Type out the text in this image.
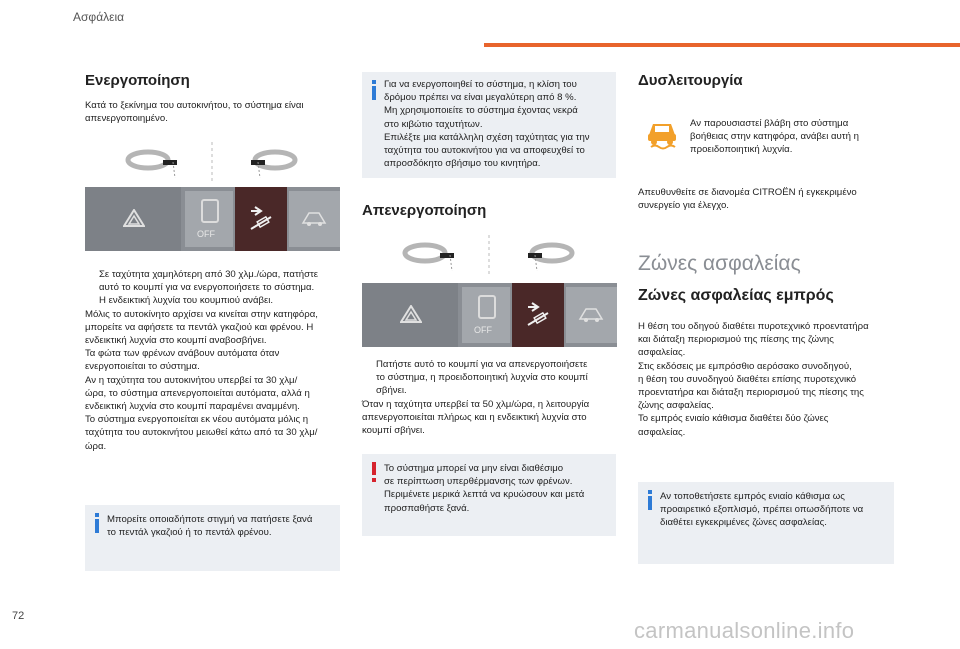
Ασφάλεια
Ενεργοποίηση

Κατά το ξεκίνημα του αυτοκινήτου, το σύστημα είναι

απενεργοποιημένο.

OFF

Σε ταχύτητα χαμηλότερη από 30 χλμ./ώρα, πατήστε

αυτό το κουμπί για να ενεργοποιήσετε το σύστημα.

Η ενδεικτική λυχνία του κουμπιού ανάβει.

Μόλις το αυτοκίνητο αρχίσει να κινείται στην κατηφόρα,

μπορείτε να αφήσετε τα πεντάλ γκαζιού και φρένου. Η

ενδεικτική λυχνία στο κουμπί αναβοσβήνει.

Τα φώτα των φρένων ανάβουν αυτόματα όταν

ενεργοποιείται το σύστημα.

Αν η ταχύτητα του αυτοκινήτου υπερβεί τα 30 χλμ/

ώρα, το σύστημα απενεργοποιείται αυτόματα, αλλά η

ενδεικτική λυχνία στο κουμπί παραμένει αναμμένη.

Το σύστημα ενεργοποιείται εκ νέου αυτόματα μόλις η

ταχύτητα του αυτοκινήτου μειωθεί κάτω από τα 30 χλμ/

ώρα.

Μπορείτε οποιαδήποτε στιγμή να πατήσετε ξανά
το πεντάλ γκαζιού ή το πεντάλ φρένου.
Για να ενεργοποιηθεί το σύστημα, η κλίση του
δρόμου πρέπει να είναι μεγαλύτερη από 8 %.
Μη χρησιμοποιείτε το σύστημα έχοντας νεκρά
στο κιβώτιο ταχυτήτων.
Επιλέξτε μια κατάλληλη σχέση ταχύτητας για την
ταχύτητα του αυτοκινήτου για να αποφευχθεί το
απροσδόκητο σβήσιμο του κινητήρα.
Απενεργοποίηση
OFF

Πατήστε αυτό το κουμπί για να απενεργοποιήσετε

το σύστημα, η προειδοποιητική λυχνία στο κουμπί

σβήνει.

Όταν η ταχύτητα υπερβεί τα 50 χλμ/ώρα, η λειτουργία

απενεργοποιείται πλήρως και η ενδεικτική λυχνία στο

κουμπί σβήνει.

Το σύστημα μπορεί να μην είναι διαθέσιμο
σε περίπτωση υπερθέρμανσης των φρένων.
Περιμένετε μερικά λεπτά να κρυώσουν και μετά
προσπαθήστε ξανά.
Δυσλειτουργία

Αν παρουσιαστεί βλάβη στο σύστημα

βοήθειας στην κατηφόρα, ανάβει αυτή η

προειδοποιητική λυχνία.

Απευθυνθείτε σε διανομέα CITROËN ή εγκεκριμένο

συνεργείο για έλεγχο.

Ζώνες ασφαλείας
Ζώνες ασφαλείας εμπρός

Η θέση του οδηγού διαθέτει πυροτεχνικό προεντατήρα

και διάταξη περιορισμού της πίεσης της ζώνης

ασφαλείας.

Στις εκδόσεις με εμπρόσθιο αερόσακο συνοδηγού,

η θέση του συνοδηγού διαθέτει επίσης πυροτεχνικό

προεντατήρα και διάταξη περιορισμού της πίεσης της

ζώνης ασφαλείας.

Το εμπρός ενιαίο κάθισμα διαθέτει δύο ζώνες

ασφαλείας.

Αν τοποθετήσετε εμπρός ενιαίο κάθισμα ως
προαιρετικό εξοπλισμό, πρέπει οπωσδήποτε να
διαθέτει εγκεκριμένες ζώνες ασφαλείας.
72
carmanualsonline.info
